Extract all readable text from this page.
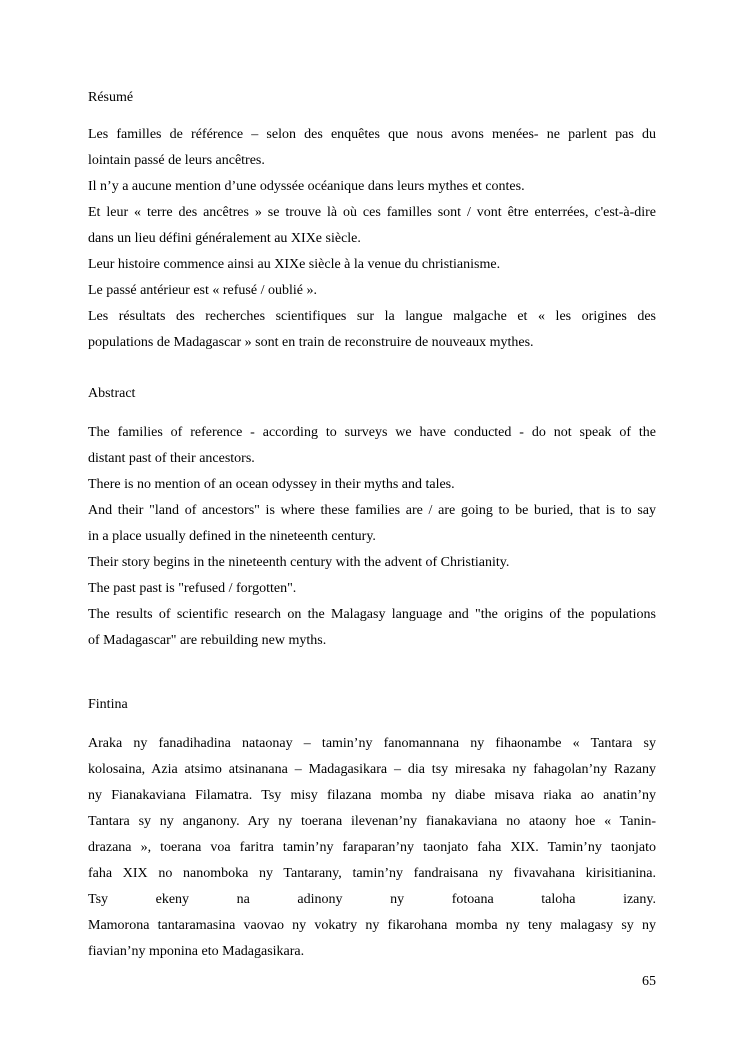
Résumé
Les familles de référence – selon des enquêtes que nous avons menées- ne parlent pas du
lointain passé de leurs ancêtres.
Il n’y a aucune mention d’une odyssée océanique dans leurs mythes et contes.
Et leur « terre des ancêtres » se trouve là où ces familles sont / vont être enterrées, c'est-à-dire
dans un lieu défini généralement au XIXe siècle.
Leur histoire commence ainsi au XIXe siècle à la venue du christianisme.
Le passé antérieur est « refusé / oublié ».
Les résultats des recherches scientifiques sur la langue malgache et « les origines des
populations de Madagascar » sont en train de reconstruire de nouveaux mythes.
Abstract
The families of reference - according to surveys we have conducted - do not speak of the
distant past of their ancestors.
There is no mention of an ocean odyssey in their myths and tales.
And their "land of ancestors" is where these families are / are going to be buried, that is to say
in a place usually defined in the nineteenth century.
Their story begins in the nineteenth century with the advent of Christianity.
The past past is "refused / forgotten".
The results of scientific research on the Malagasy language and "the origins of the populations
of Madagascar" are rebuilding new myths.
Fintina
Araka ny fanadihadina nataonay – tamin’ny fanomannana ny fihaonambe « Tantara sy
kolosaina, Azia atsimo atsinanana – Madagasikara – dia tsy miresaka ny fahagolan’ny Razany
ny Fianakaviana Filamatra. Tsy misy filazana momba ny diabe misava riaka ao anatin’ny
Tantara sy ny anganony. Ary ny toerana ilevenan’ny fianakaviana no ataony hoe « Tanin-
drazana », toerana voa faritra tamin’ny faraparan’ny taonjato faha XIX. Tamin’ny taonjato
faha XIX no nanomboka ny Tantarany, tamin’ny fandraisana ny fivavahana kirisitianina.
Tsy ekeny na adinony ny fotoana taloha izany.
Mamorona tantaramasina vaovao ny vokatry ny fikarohana momba ny teny malagasy sy ny
fiavian’ny mponina eto Madagasikara.
65
